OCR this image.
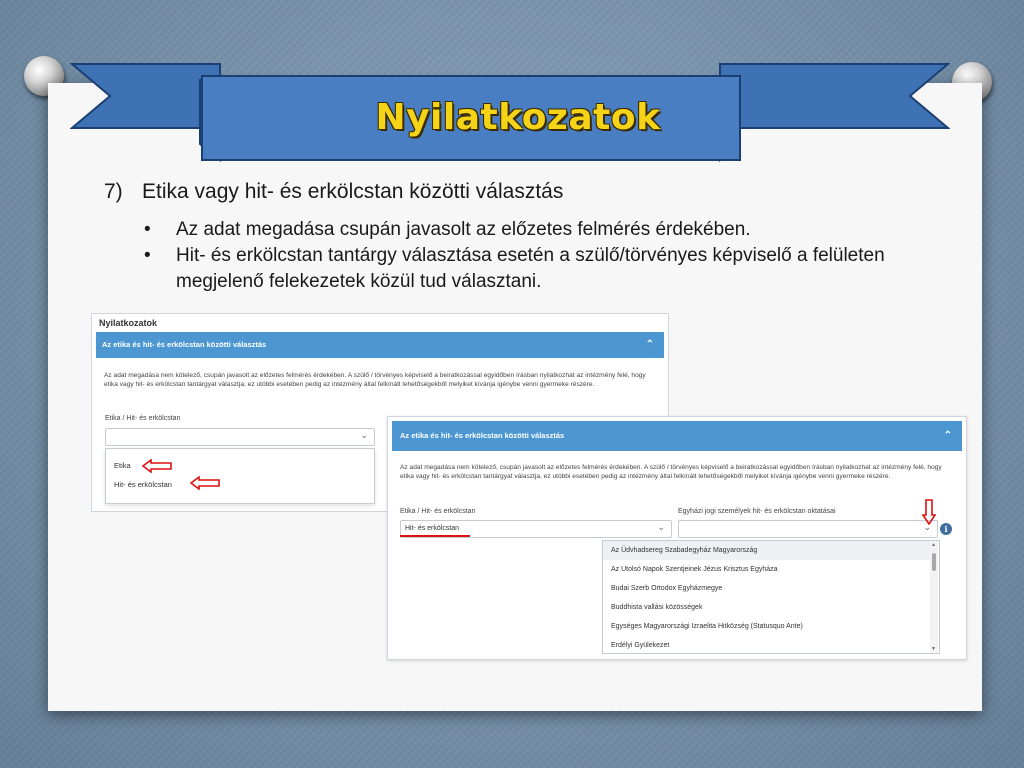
Nyilatkozatok
7) Etika vagy hit- és erkölcstan közötti választás
• Az adat megadása csupán javasolt az előzetes felmérés érdekében.
• Hit- és erkölcstan tantárgy választása esetén a szülő/törvényes képviselő a felületen megjelenő felekezetek közül tud választani.
Nyilatkozatok
Az etika és hit- és erkölcstan közötti választás	⌃
Az adat megadása nem kötelező, csupán javasolt az előzetes felmérés érdekében. A szülő / törvényes képviselő a beiratkozással egyidőben írásban nyilatkozhat az intézmény felé, hogy etika vagy hit- és erkölcstan tantárgyat választja, ez utóbbi esetében pedig az intézmény által felkínált lehetőségekből melyiket kívánja igénybe venni gyermeke részére.
Etika / Hit- és erkölcstan
⌄
Etika
Hit- és erkölcstan
Az etika és hit- és erkölcstan közötti választás	⌃
Az adat megadása nem kötelező, csupán javasolt az előzetes felmérés érdekében. A szülő / törvényes képviselő a beiratkozással egyidőben írásban nyilatkozhat az intézmény felé, hogy etika vagy hit- és erkölcstan tantárgyat választja, ez utóbbi esetében pedig az intézmény által felkínált lehetőségekből melyiket kívánja igénybe venni gyermeke részére.
Etika / Hit- és erkölcstan	Egyházi jogi személyek hit- és erkölcstan oktatásai
Hit- és erkölcstan	⌄	⌄	i
Az Üdvhadsereg Szabadegyház Magyarország
Az Utolsó Napok Szentjeinek Jézus Krisztus Egyháza
Budai Szerb Ortodox Egyházmegye
Buddhista vallási közösségek
Egységes Magyarországi Izraelita Hitközség (Statusquo Ante)
Erdélyi Gyülekezet
▲
▼
